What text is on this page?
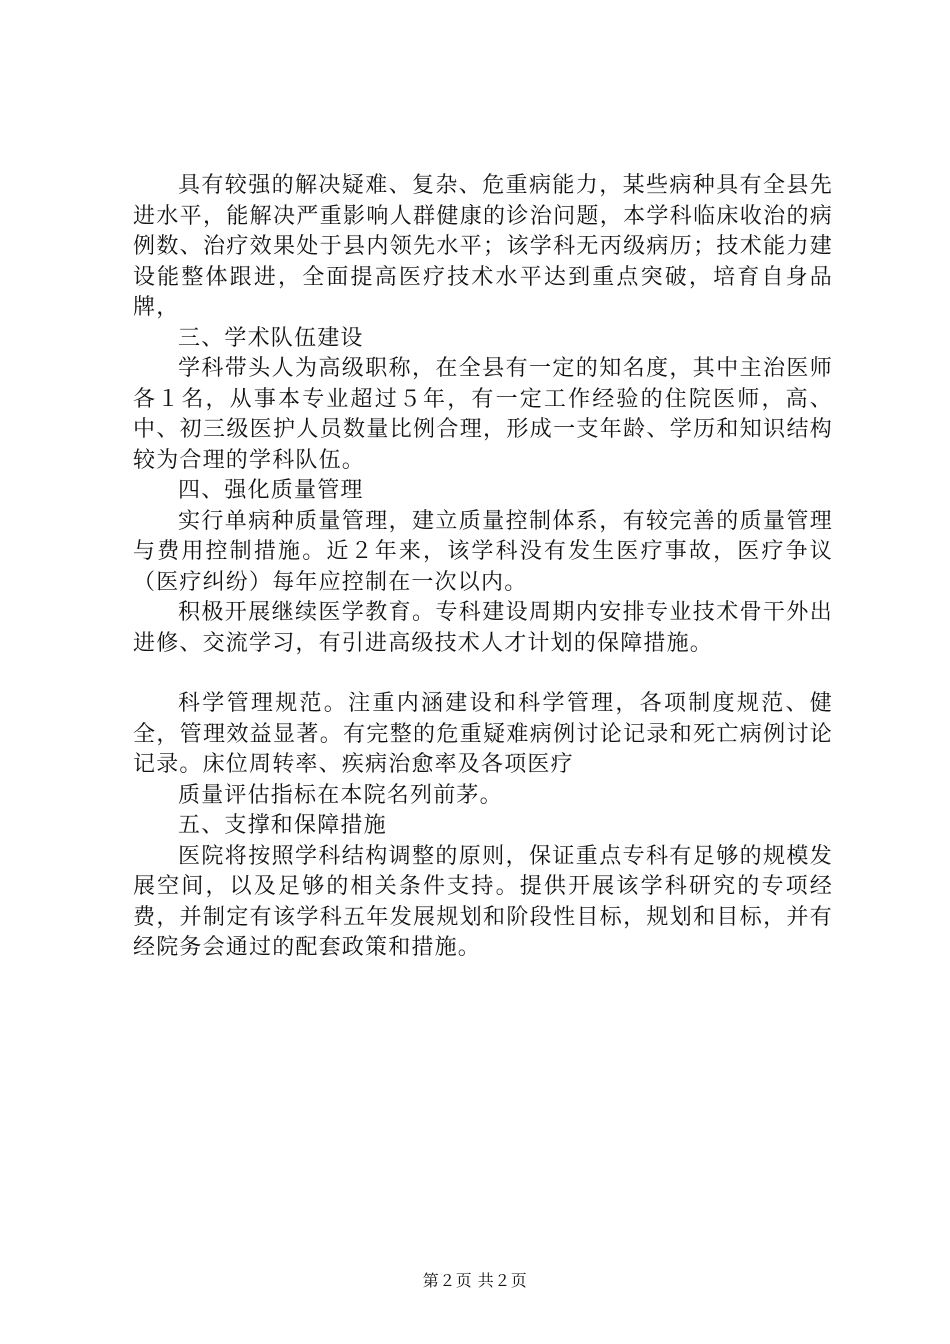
具有较强的解决疑难、复杂、危重病能力，某些病种具有全县先进水平，能解决严重影响人群健康的诊治问题，本学科临床收治的病例数、治疗效果处于县内领先水平；该学科无丙级病历；技术能力建设能整体跟进，全面提高医疗技术水平达到重点突破，培育自身品牌，

三、学术队伍建设

学科带头人为高级职称，在全县有一定的知名度，其中主治医师各１名，从事本专业超过５年，有一定工作经验的住院医师，高、中、初三级医护人员数量比例合理，形成一支年龄、学历和知识结构较为合理的学科队伍。

四、强化质量管理

实行单病种质量管理，建立质量控制体系，有较完善的质量管理与费用控制措施。近２年来，该学科没有发生医疗事故，医疗争议（医疗纠纷）每年应控制在一次以内。

积极开展继续医学教育。专科建设周期内安排专业技术骨干外出进修、交流学习，有引进高级技术人才计划的保障措施。

科学管理规范。注重内涵建设和科学管理，各项制度规范、健全，管理效益显著。有完整的危重疑难病例讨论记录和死亡病例讨论记录。床位周转率、疾病治愈率及各项医疗

质量评估指标在本院名列前茅。

五、支撑和保障措施

医院将按照学科结构调整的原则，保证重点专科有足够的规模发展空间，以及足够的相关条件支持。提供开展该学科研究的专项经费，并制定有该学科五年发展规划和阶段性目标，规划和目标，并有经院务会通过的配套政策和措施。

第２页 共２页
